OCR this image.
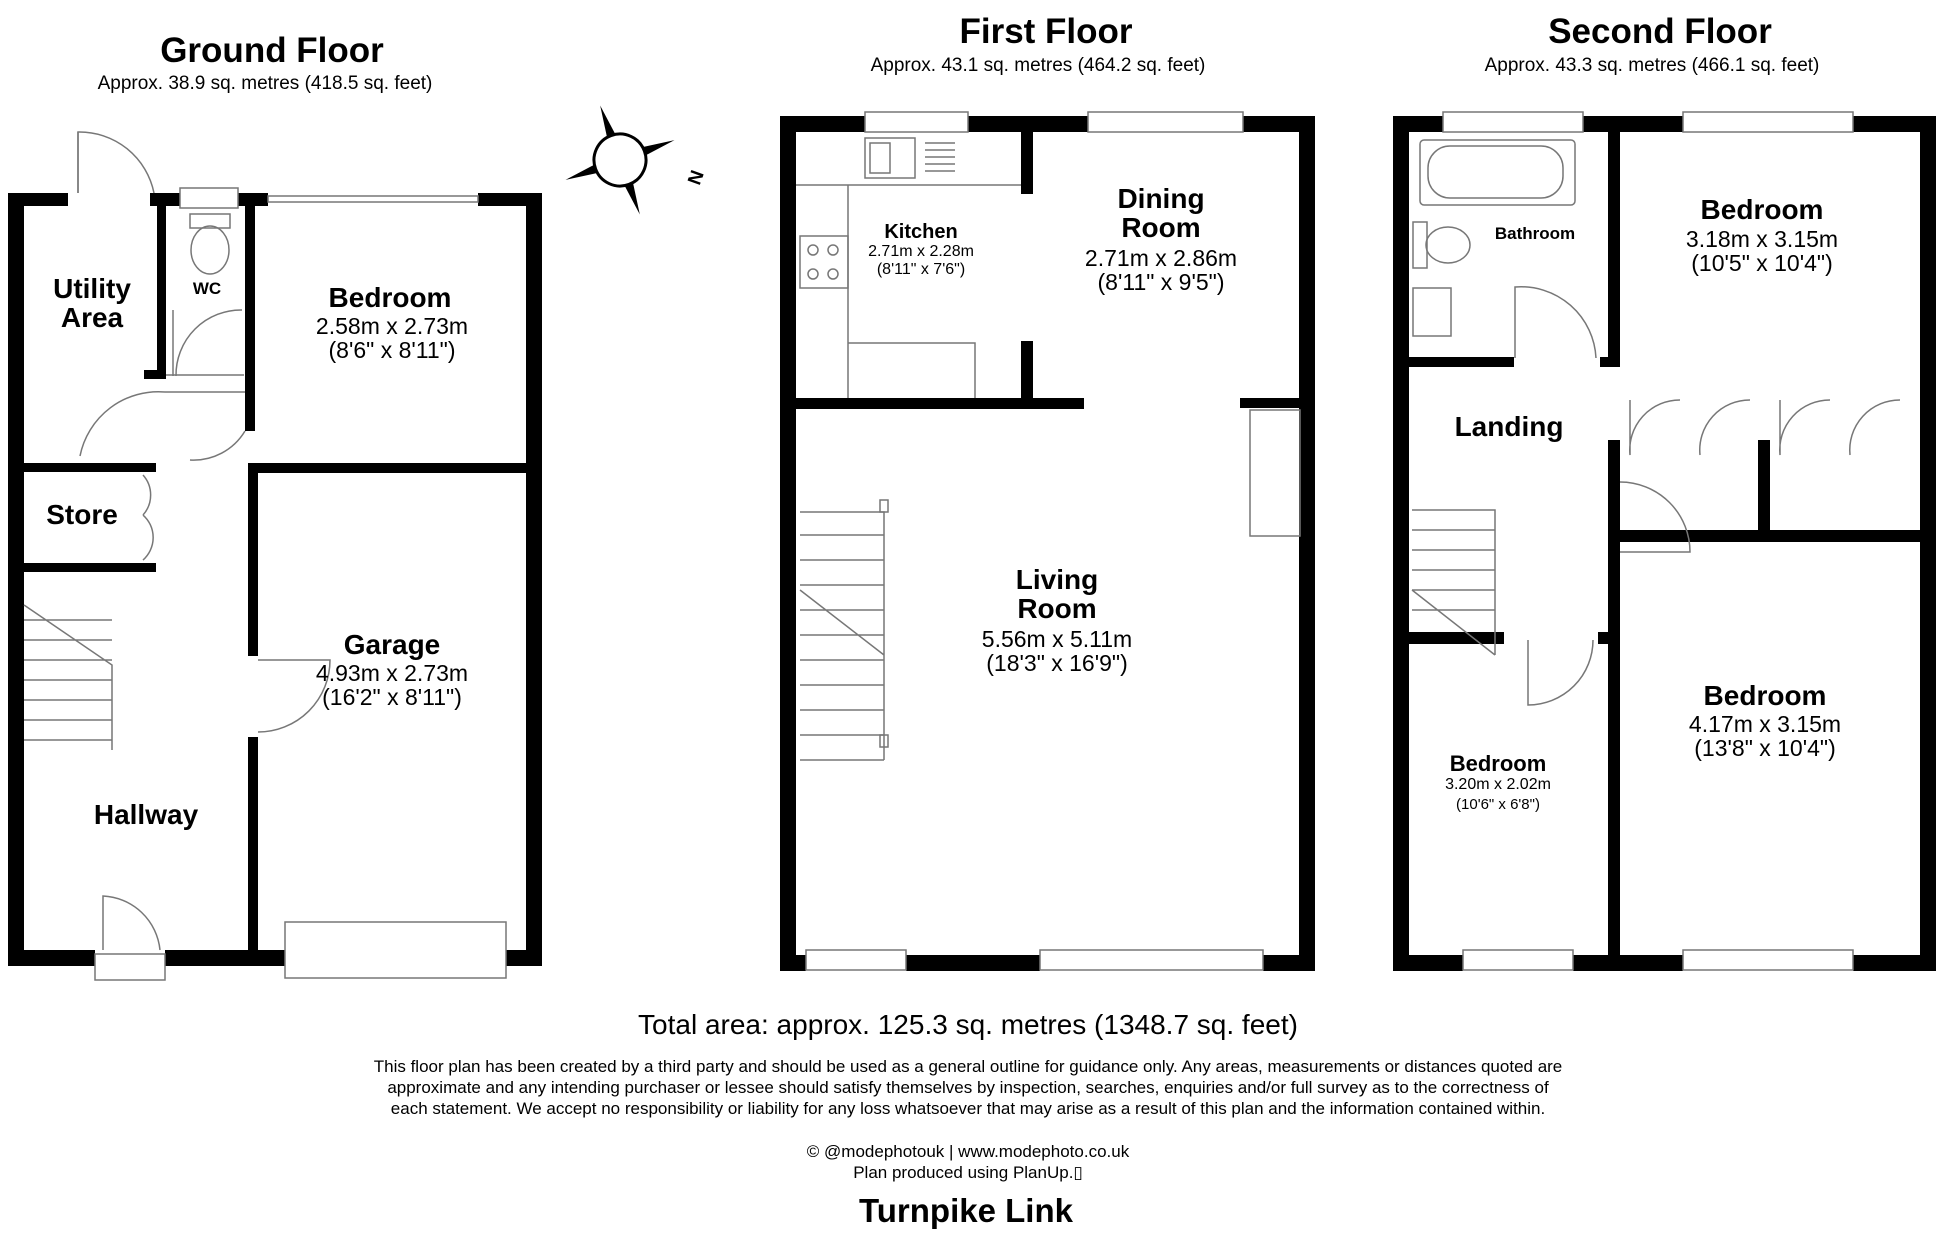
Ground Floor
Approx. 38.9 sq. metres (418.5 sq. feet)
First Floor
Approx. 43.1 sq. metres (464.2 sq. feet)
Second Floor
Approx. 43.3 sq. metres (466.1 sq. feet)
N
Utility Area
WC	Bedroom
2.58m x 2.73m
(8'6" x 8'11")
Store
Garage
4.93m x 2.73m
(16'2" x 8'11")
Hallway
Kitchen
2.71m x 2.28m
(8'11" x 7'6")
Dining Room
2.71m x 2.86m
(8'11" x 9'5")
Living Room
5.56m x 5.11m
(18'3" x 16'9")
Bathroom
Bedroom
3.18m x 3.15m
(10'5" x 10'4")
Landing
Bedroom
4.17m x 3.15m
(13'8" x 10'4")
Bedroom
3.20m x 2.02m
(10'6" x 6'8")
Total area: approx. 125.3 sq. metres (1348.7 sq. feet)
This floor plan has been created by a third party and should be used as a general outline for guidance only. Any areas, measurements or distances quoted are
approximate and any intending purchaser or lessee should satisfy themselves by inspection, searches, enquiries and/or full survey as to the correctness of
each statement. We accept no responsibility or liability for any loss whatsoever that may arise as a result of this plan and the information contained within.
© @modephotouk | www.modephoto.co.uk
Plan produced using PlanUp.▯
Turnpike Link
